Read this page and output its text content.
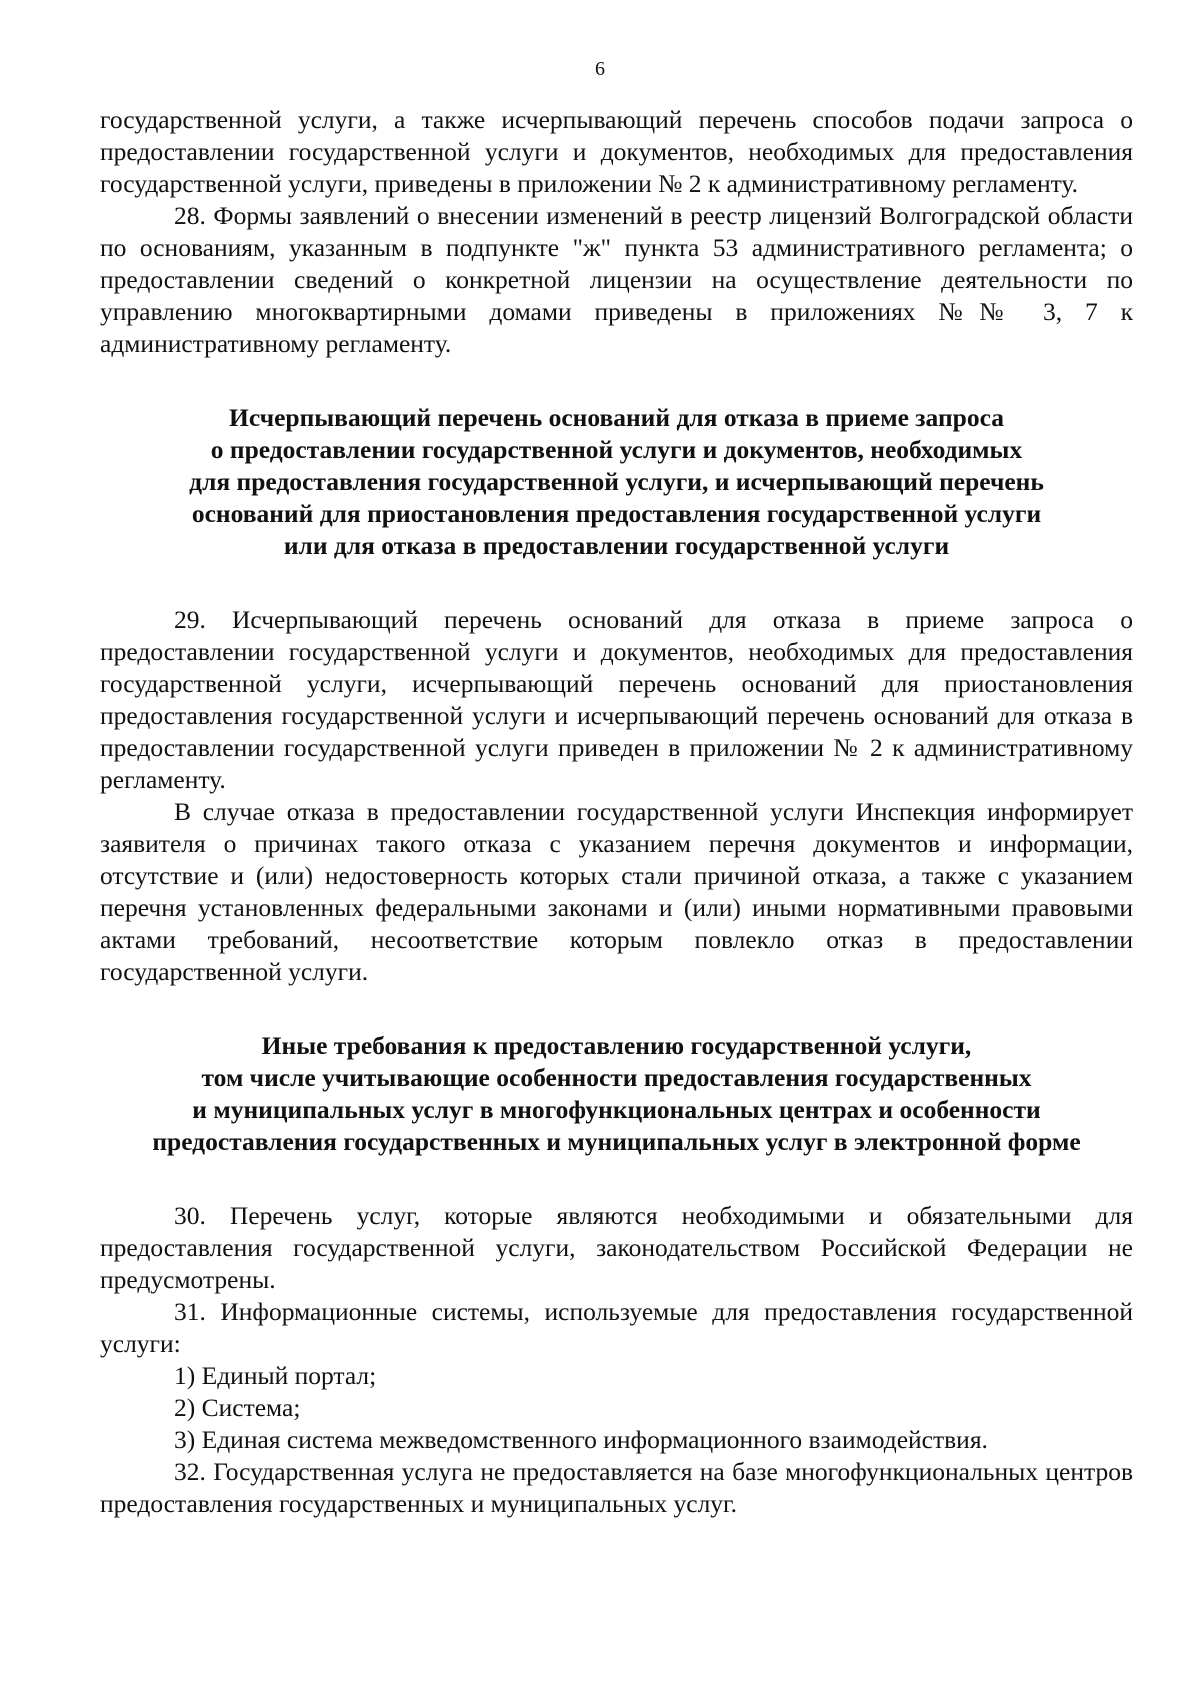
6

государственной услуги, а также исчерпывающий перечень способов подачи запроса о предоставлении государственной услуги и документов, необходимых для предоставления государственной услуги, приведены в приложении № 2 к административному регламенту.

28. Формы заявлений о внесении изменений в реестр лицензий Волгоградской области по основаниям, указанным в подпункте "ж" пункта 53 административного регламента; о предоставлении сведений о конкретной лицензии на осуществление деятельности по управлению многоквартирными домами приведены в приложениях №№ 3, 7 к административному регламенту.

Исчерпывающий перечень оснований для отказа в приеме запроса
о предоставлении государственной услуги и документов, необходимых
для предоставления государственной услуги, и исчерпывающий перечень
оснований для приостановления предоставления государственной услуги
или для отказа в предоставлении государственной услуги

29. Исчерпывающий перечень оснований для отказа в приеме запроса о предоставлении государственной услуги и документов, необходимых для предоставления государственной услуги, исчерпывающий перечень оснований для приостановления предоставления государственной услуги и исчерпывающий перечень оснований для отказа в предоставлении государственной услуги приведен в приложении № 2 к административному регламенту.

В случае отказа в предоставлении государственной услуги Инспекция информирует заявителя о причинах такого отказа с указанием перечня документов и информации, отсутствие и (или) недостоверность которых стали причиной отказа, а также с указанием перечня установленных федеральными законами и (или) иными нормативными правовыми актами требований, несоответствие которым повлекло отказ в предоставлении государственной услуги.

Иные требования к предоставлению государственной услуги,
том числе учитывающие особенности предоставления государственных
и муниципальных услуг в многофункциональных центрах и особенности
предоставления государственных и муниципальных услуг в электронной форме

30. Перечень услуг, которые являются необходимыми и обязательными для предоставления государственной услуги, законодательством Российской Федерации не предусмотрены.

31. Информационные системы, используемые для предоставления государственной услуги:

1) Единый портал;

2) Система;

3) Единая система межведомственного информационного взаимодействия.

32. Государственная услуга не предоставляется на базе многофункциональных центров предоставления государственных и муниципальных услуг.
